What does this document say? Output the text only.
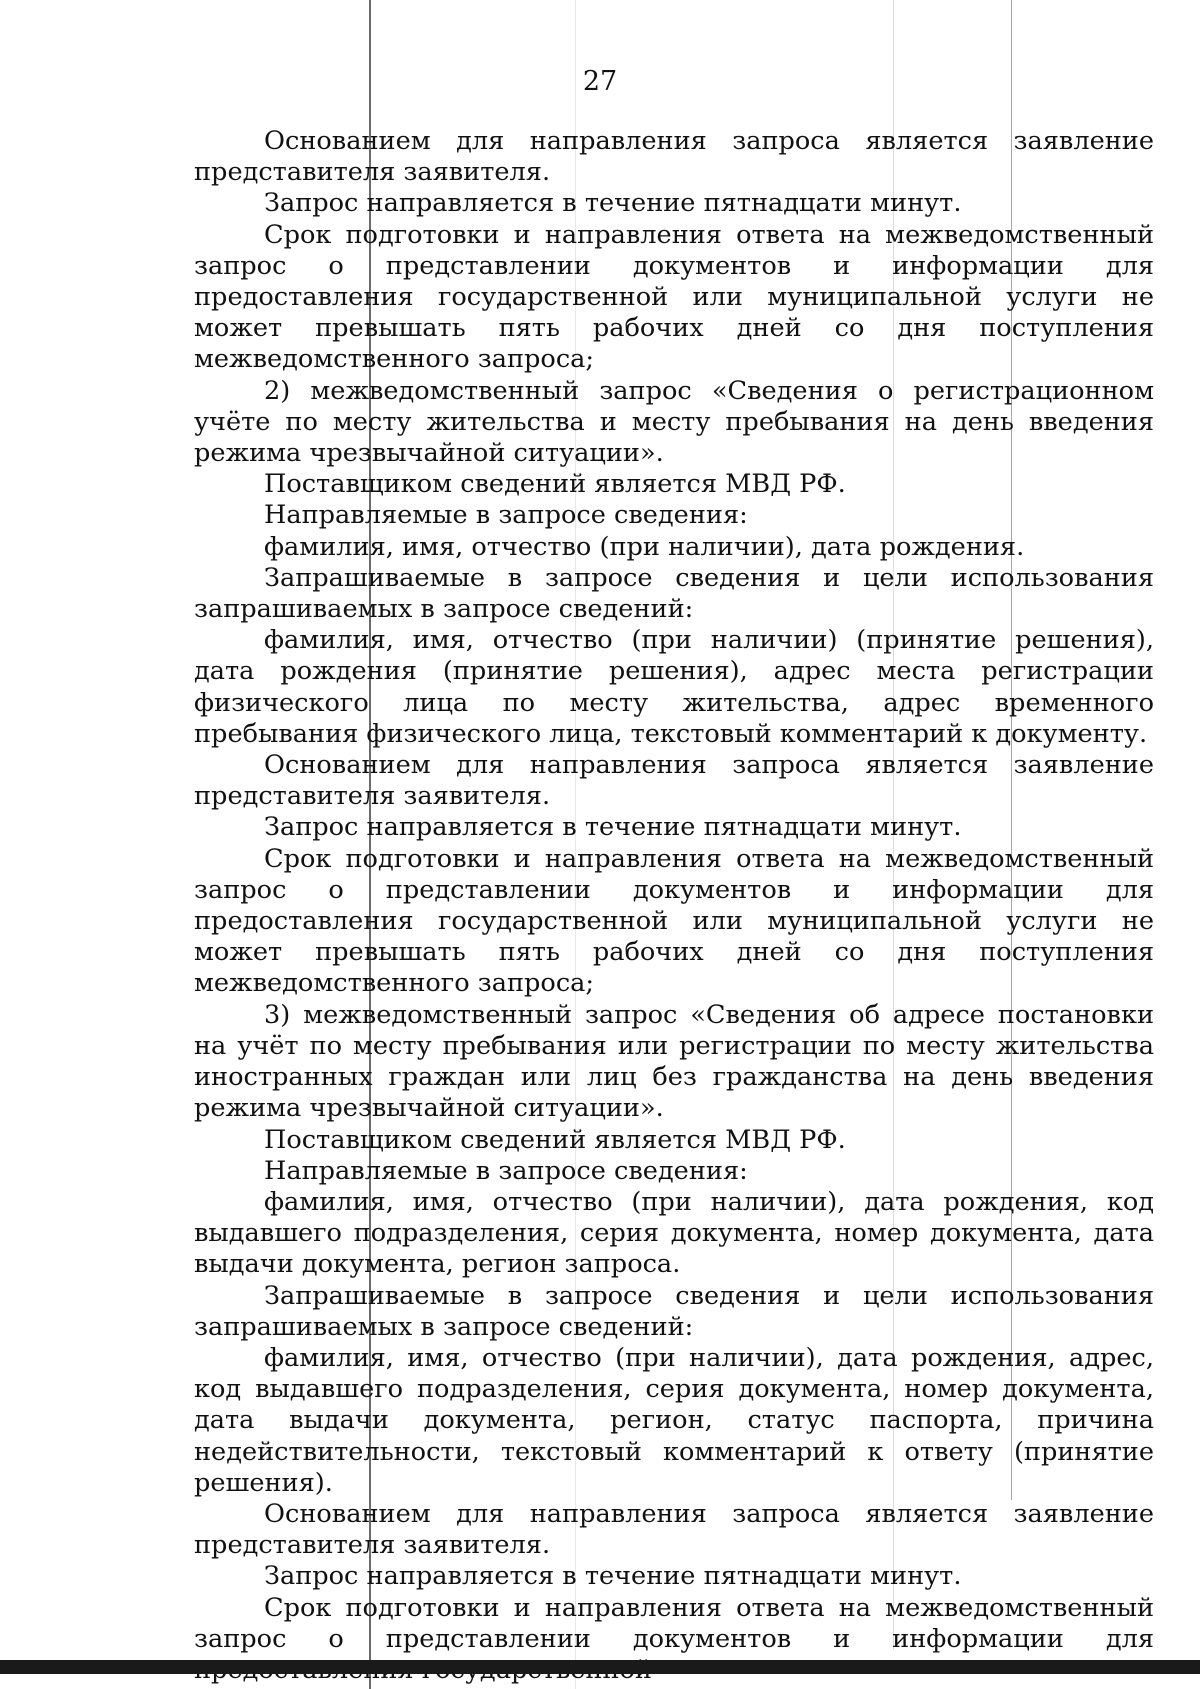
27

Основанием для направления запроса является заявление представителя заявителя.

Запрос направляется в течение пятнадцати минут.

Срок подготовки и направления ответа на межведомственный запрос о представлении документов и информации для предоставления государственной или муниципальной услуги не может превышать пять рабочих дней со дня поступления межведомственного запроса;

2) межведомственный запрос «Сведения о регистрационном учёте по месту жительства и месту пребывания на день введения режима чрезвычайной ситуации».

Поставщиком сведений является МВД РФ.

Направляемые в запросе сведения:

фамилия, имя, отчество (при наличии), дата рождения.

Запрашиваемые в запросе сведения и цели использования запрашиваемых в запросе сведений:

фамилия, имя, отчество (при наличии) (принятие решения), дата рождения (принятие решения), адрес места регистрации физического лица по месту жительства, адрес временного пребывания физического лица, текстовый комментарий к документу.

Основанием для направления запроса является заявление представителя заявителя.

Запрос направляется в течение пятнадцати минут.

Срок подготовки и направления ответа на межведомственный запрос о представлении документов и информации для предоставления государственной или муниципальной услуги не может превышать пять рабочих дней со дня поступления межведомственного запроса;

3) межведомственный запрос «Сведения об адресе постановки на учёт по месту пребывания или регистрации по месту жительства иностранных граждан или лиц без гражданства на день введения режима чрезвычайной ситуации».

Поставщиком сведений является МВД РФ.

Направляемые в запросе сведения:

фамилия, имя, отчество (при наличии), дата рождения, код выдавшего подразделения, серия документа, номер документа, дата выдачи документа, регион запроса.

Запрашиваемые в запросе сведения и цели использования запрашиваемых в запросе сведений:

фамилия, имя, отчество (при наличии), дата рождения, адрес, код выдавшего подразделения, серия документа, номер документа, дата выдачи документа, регион, статус паспорта, причина недействительности, текстовый комментарий к ответу (принятие решения).

Основанием для направления запроса является заявление представителя заявителя.

Запрос направляется в течение пятнадцати минут.

Срок подготовки и направления ответа на межведомственный запрос о представлении документов и информации для
